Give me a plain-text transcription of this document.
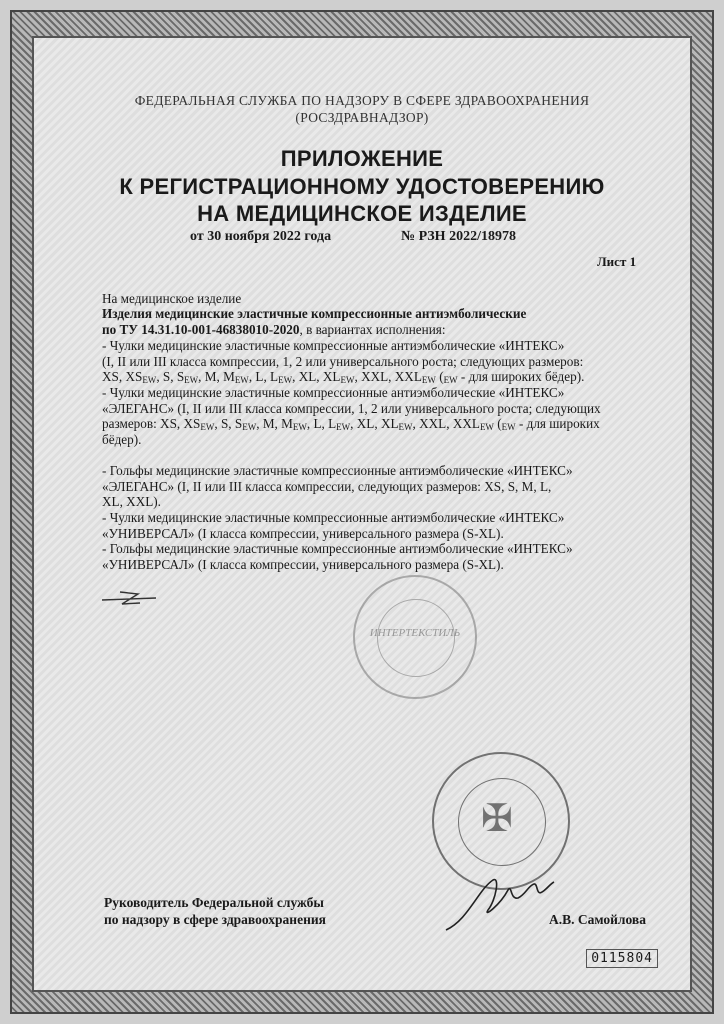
ФЕДЕРАЛЬНАЯ СЛУЖБА ПО НАДЗОРУ В СФЕРЕ ЗДРАВООХРАНЕНИЯ
(РОСЗДРАВНАДЗОР)
ПРИЛОЖЕНИЕ
К РЕГИСТРАЦИОННОМУ УДОСТОВЕРЕНИЮ
НА МЕДИЦИНСКОЕ ИЗДЕЛИЕ
от 30 ноября 2022 года	№ РЗН 2022/18978
Лист 1
На медицинское изделие
Изделия медицинские эластичные компрессионные антиэмболические
по ТУ 14.31.10-001-46838010-2020, в вариантах исполнения:
- Чулки медицинские эластичные компрессионные антиэмболические «ИНТЕКС»
(I, II или III класса компрессии, 1, 2 или универсального роста; следующих размеров:
XS, $XS_{EW}$, S, $S_{EW}$, M, $M_{EW}$, L, $L_{EW}$, XL, $XL_{EW}$, XXL, $XXL_{EW}$ ($_{EW}$ - для широких бёдер).
- Чулки медицинские эластичные компрессионные антиэмболические «ИНТЕКС»
«ЭЛЕГАНС» (I, II или III класса компрессии, 1, 2 или универсального роста; следующих
размеров: XS, $XS_{EW}$, S, $S_{EW}$, M, $M_{EW}$, L, $L_{EW}$, XL, $XL_{EW}$, XXL, $XXL_{EW}$ ($_{EW}$ - для широких
бёдер).
- Гольфы медицинские эластичные компрессионные антиэмболические «ИНТЕКС»
«ЭЛЕГАНС» (I, II или III класса компрессии, следующих размеров: XS, S, M, L,
XL, XXL).
- Чулки медицинские эластичные компрессионные антиэмболические «ИНТЕКС»
«УНИВЕРСАЛ» (I класса компрессии, универсального размера (S-XL).
- Гольфы медицинские эластичные компрессионные антиэмболические «ИНТЕКС»
«УНИВЕРСАЛ» (I класса компрессии, универсального размера (S-XL).
ИНТЕРТЕКСТИЛЬ
✠
Руководитель Федеральной службы
по надзору в сфере здравоохранения	А.В. Самойлова
0115804
